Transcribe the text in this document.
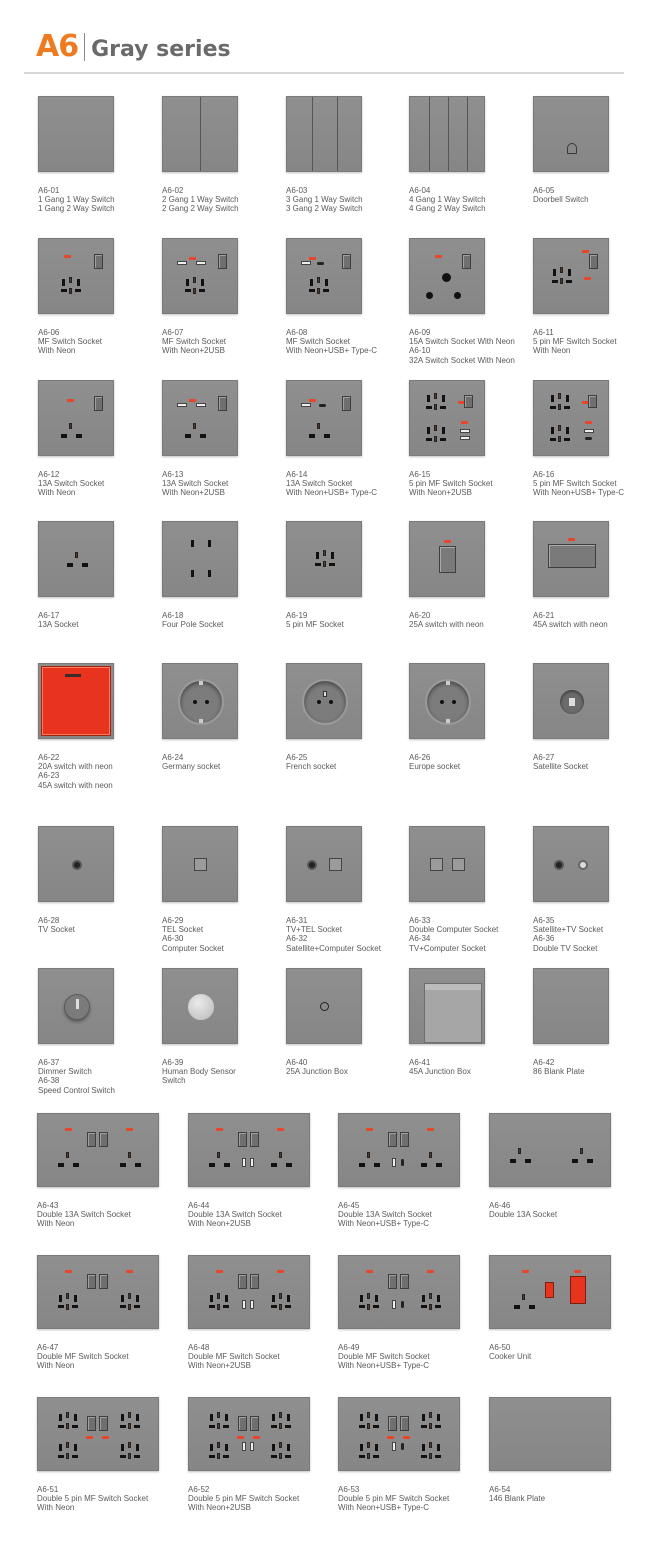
A6 Gray series
A6-01
1 Gang 1 Way Switch
1 Gang 2 Way Switch
A6-02
2 Gang 1 Way Switch
2 Gang 2 Way Switch
A6-03
3 Gang 1 Way Switch
3 Gang 2 Way Switch
A6-04
4 Gang 1 Way Switch
4 Gang 2 Way Switch
A6-05
Doorbell Switch
A6-06
MF Switch Socket
With Neon
A6-07
MF Switch Socket
With Neon+2USB
A6-08
MF Switch Socket
With Neon+USB+ Type-C
A6-09
15A Switch Socket With Neon
A6-10
32A Switch Socket With Neon
A6-11
5 pin MF Switch Socket
With Neon
A6-12
13A Switch Socket
With Neon
A6-13
13A Switch Socket
With Neon+2USB
A6-14
13A Switch Socket
With Neon+USB+ Type-C
A6-15
5 pin MF Switch Socket
With Neon+2USB
A6-16
5 pin MF Switch Socket
With Neon+USB+ Type-C
A6-17
13A Socket
A6-18
Four Pole Socket
A6-19
5 pin MF Socket
A6-20
25A switch with neon
A6-21
45A switch with neon
A6-22
20A switch with neon
A6-23
45A switch with neon
A6-24
Germany socket
A6-25
French socket
A6-26
Europe socket
A6-27
Satellite Socket
A6-28
TV Socket
A6-29
TEL Socket
A6-30
Computer Socket
A6-31
TV+TEL Socket
A6-32
Satellite+Computer Socket
A6-33
Double Computer Socket
A6-34
TV+Computer Socket
A6-35
Satellite+TV Socket
A6-36
Double TV Socket
A6-37
Dimmer Switch
A6-38
Speed Control Switch
A6-39
Human Body Sensor
Switch
A6-40
25A Junction Box
A6-41
45A Junction Box
A6-42
86 Blank Plate
A6-43
Double 13A Switch Socket
With Neon
A6-44
Double 13A Switch Socket
With Neon+2USB
A6-45
Double 13A Switch Socket
With Neon+USB+ Type-C
A6-46
Double 13A Socket
A6-47
Double MF Switch Socket
With Neon
A6-48
Double MF Switch Socket
With Neon+2USB
A6-49
Double MF Switch Socket
With Neon+USB+ Type-C
A6-50
Cooker Unit
A6-51
Double 5 pin MF Switch Socket
With Neon
A6-52
Double 5 pin MF Switch Socket
With Neon+2USB
A6-53
Double 5 pin MF Switch Socket
With Neon+USB+ Type-C
A6-54
146 Blank Plate
